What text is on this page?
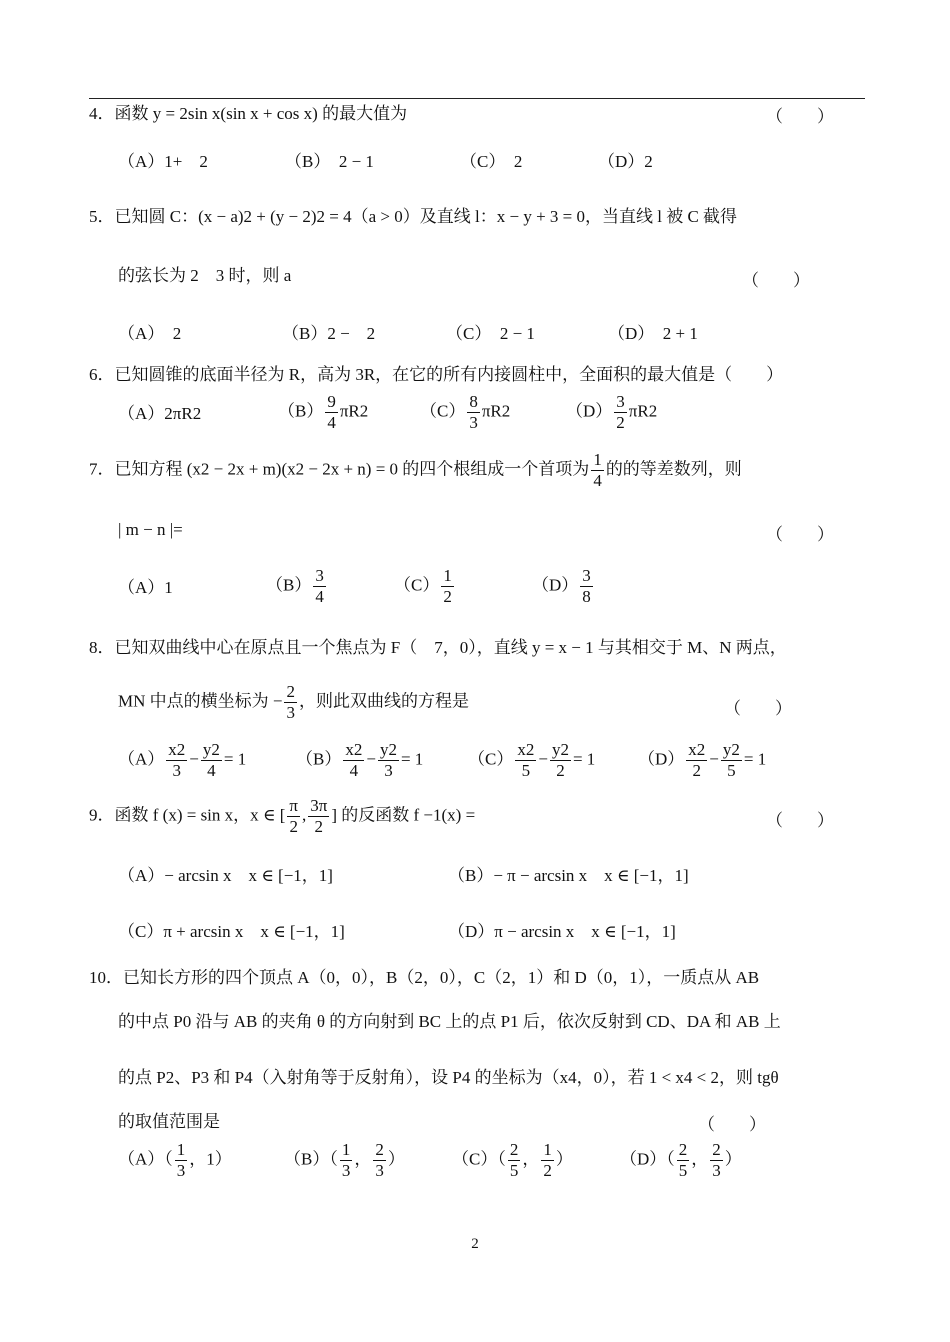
4．函数 y = 2sin x(sin x + cos x) 的最大值为	（　　）
（A）1+　2	（B）　2 − 1	（C）　2	（D）2
5．已知圆 C：(x − a)2 + (y − 2)2 = 4（a > 0）及直线 l：x − y + 3 = 0，当直线 l 被 C 截得
的弦长为 2　3 时，则 a	（　　）
（A）　2	（B）2 −　2	（C）　2 − 1	（D）　2 + 1
6．已知圆锥的底面半径为 R，高为 3R，在它的所有内接圆柱中，全面积的最大值是（　　）
（A）2πR2	$(B) \frac{9}{4} \pi R2$	$(C) \frac{8}{3} \pi R2$	$(D) \frac{3}{2} \pi R2$
7．已知方程 (x2 − 2x + m)(x2 − 2x + n) = 0 的四个根组成一个首项为 $\frac{1}{4}$ 的的等差数列，则
| m − n |=	（　　）
（A）1	$(B) \frac{3}{4}$	$(C) \frac{1}{2}$	$(D) \frac{3}{8}$
8．已知双曲线中心在原点且一个焦点为 F（　7，0），直线 y = x − 1 与其相交于 M、N 两点，
MN 中点的横坐标为 − $\frac{2}{3}$ ，则此双曲线的方程是	（　　）
$(A) \frac{x2}{3} - \frac{y2}{4} = 1$	$(B) \frac{x2}{4} - \frac{y2}{3} = 1$	$(C) \frac{x2}{5} - \frac{y2}{2} = 1$	$(D) \frac{x2}{2} - \frac{y2}{5} = 1$
9．函数 f (x) = sin x，x ∈ [ $\frac{\pi}{2}$ , $\frac{3\pi}{2}$ ] 的反函数 f −1(x) =	（　　）
（A）− arcsin x　x ∈ [−1，1]	（B）− π − arcsin x　x ∈ [−1，1]
（C）π + arcsin x　x ∈ [−1，1]	（D）π − arcsin x　x ∈ [−1，1]
10．已知长方形的四个顶点 A（0，0），B（2，0），C（2，1）和 D（0，1），一质点从 AB
的中点 P0 沿与 AB 的夹角 θ 的方向射到 BC 上的点 P1 后，依次反射到 CD、DA 和 AB 上
的点 P2、P3 和 P4（入射角等于反射角），设 P4 的坐标为（x4，0），若 1 < x4 < 2，则 tgθ
的取值范围是	（　　）
$(A)( \frac{1}{3}$ ，1）	$(B)( \frac{1}{3}$ ， $\frac{2}{3}$ ）	$(C)( \frac{2}{5}$ ， $\frac{1}{2}$ ）	$(D)( \frac{2}{5}$ ， $\frac{2}{3}$ ）
2
